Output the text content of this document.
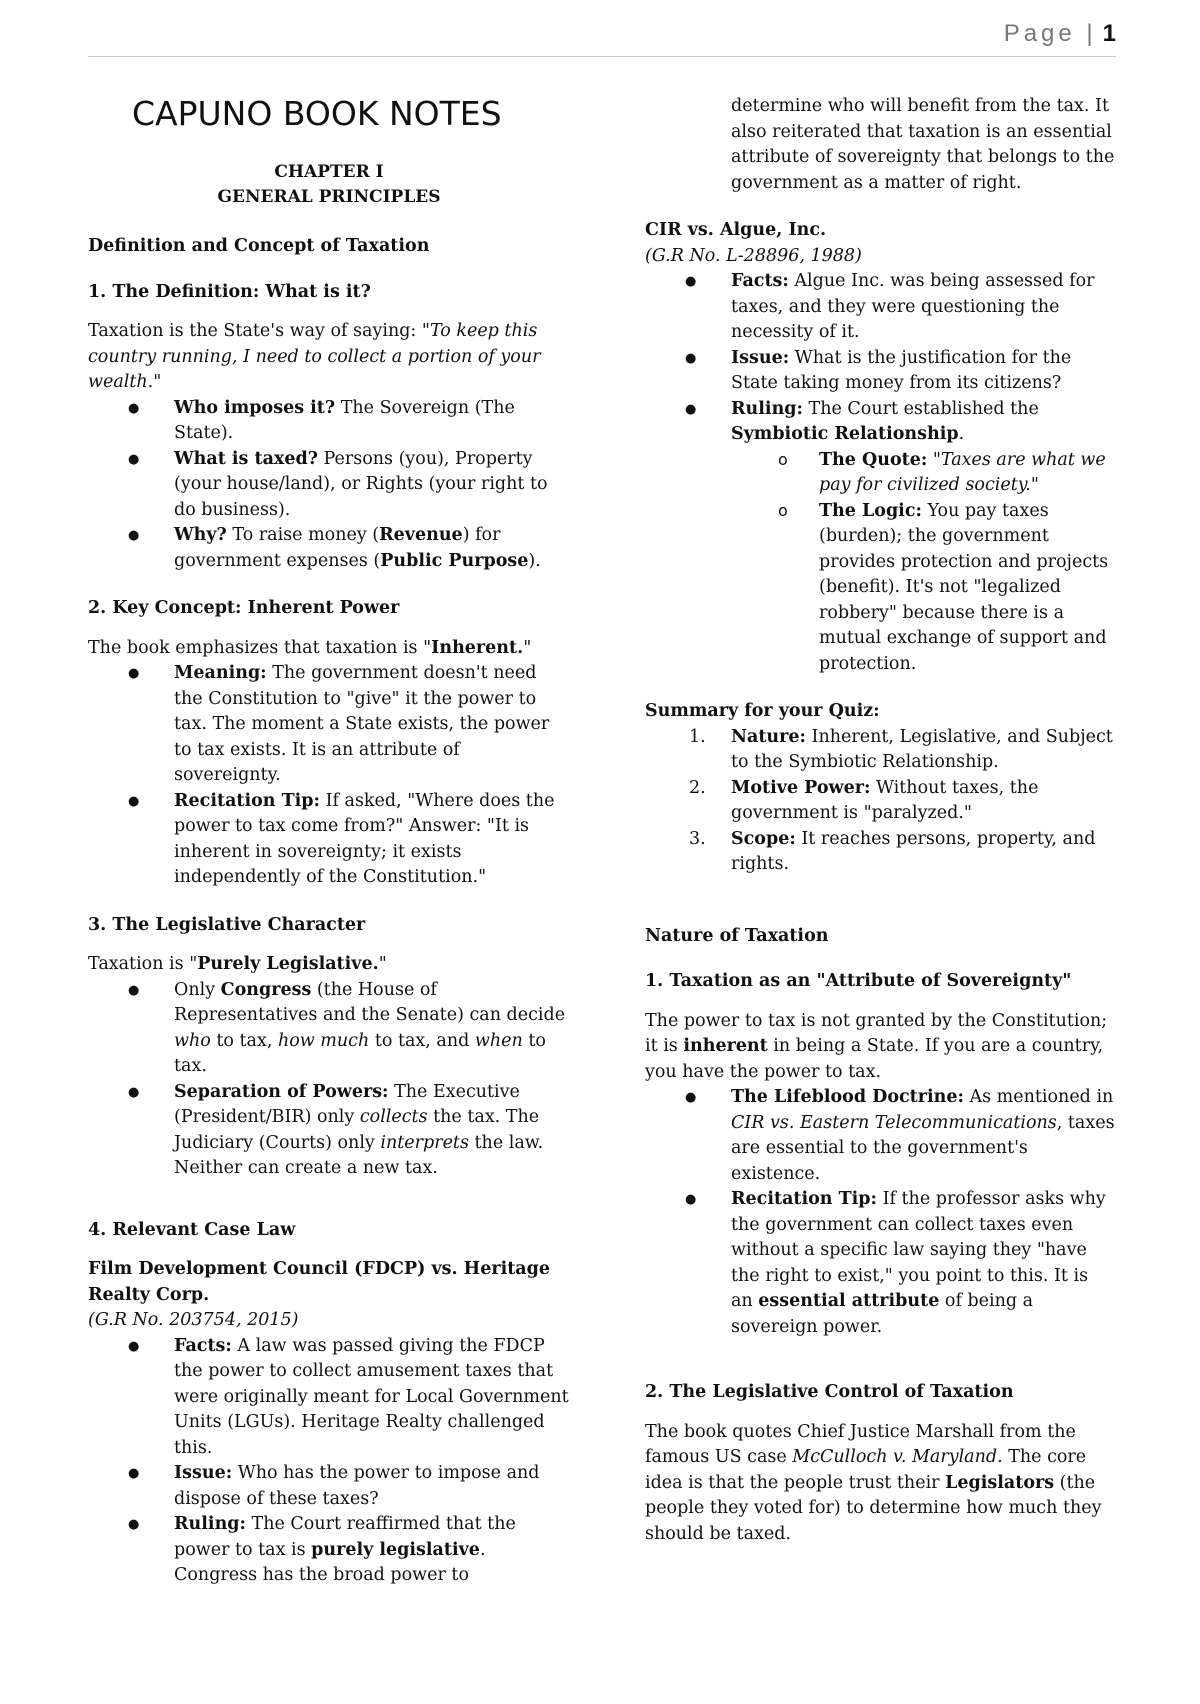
Page | 1

CAPUNO BOOK NOTES

CHAPTER I

GENERAL PRINCIPLES

Definition and Concept of Taxation

1. The Definition: What is it?

Taxation is the State's way of saying: "To keep this country running, I need to collect a portion of your wealth."

● Who imposes it? The Sovereign (The State).
● What is taxed? Persons (you), Property (your house/land), or Rights (your right to do business).
● Why? To raise money (Revenue) for government expenses (Public Purpose).

2. Key Concept: Inherent Power

The book emphasizes that taxation is "Inherent."

● Meaning: The government doesn't need the Constitution to "give" it the power to tax. The moment a State exists, the power to tax exists. It is an attribute of sovereignty.
● Recitation Tip: If asked, "Where does the power to tax come from?" Answer: "It is inherent in sovereignty; it exists independently of the Constitution."

3. The Legislative Character

Taxation is "Purely Legislative."

● Only Congress (the House of Representatives and the Senate) can decide who to tax, how much to tax, and when to tax.
● Separation of Powers: The Executive (President/BIR) only collects the tax. The Judiciary (Courts) only interprets the law. Neither can create a new tax.

4. Relevant Case Law

Film Development Council (FDCP) vs. Heritage Realty Corp.

(G.R No. 203754, 2015)

● Facts: A law was passed giving the FDCP the power to collect amusement taxes that were originally meant for Local Government Units (LGUs). Heritage Realty challenged this.
● Issue: Who has the power to impose and dispose of these taxes?
● Ruling: The Court reaffirmed that the power to tax is purely legislative. Congress has the broad power to

determine who will benefit from the tax. It also reiterated that taxation is an essential attribute of sovereignty that belongs to the government as a matter of right.

CIR vs. Algue, Inc.

(G.R No. L-28896, 1988)

● Facts: Algue Inc. was being assessed for taxes, and they were questioning the necessity of it.
● Issue: What is the justification for the State taking money from its citizens?
● Ruling: The Court established the Symbiotic Relationship.
o The Quote: "Taxes are what we pay for civilized society."
o The Logic: You pay taxes (burden); the government provides protection and projects (benefit). It's not "legalized robbery" because there is a mutual exchange of support and protection.

Summary for your Quiz:

1. Nature: Inherent, Legislative, and Subject to the Symbiotic Relationship.
2. Motive Power: Without taxes, the government is "paralyzed."
3. Scope: It reaches persons, property, and rights.

Nature of Taxation

1. Taxation as an "Attribute of Sovereignty"

The power to tax is not granted by the Constitution; it is inherent in being a State. If you are a country, you have the power to tax.

● The Lifeblood Doctrine: As mentioned in CIR vs. Eastern Telecommunications, taxes are essential to the government's existence.
● Recitation Tip: If the professor asks why the government can collect taxes even without a specific law saying they "have the right to exist," you point to this. It is an essential attribute of being a sovereign power.

2. The Legislative Control of Taxation

The book quotes Chief Justice Marshall from the famous US case McCulloch v. Maryland. The core idea is that the people trust their Legislators (the people they voted for) to determine how much they should be taxed.
